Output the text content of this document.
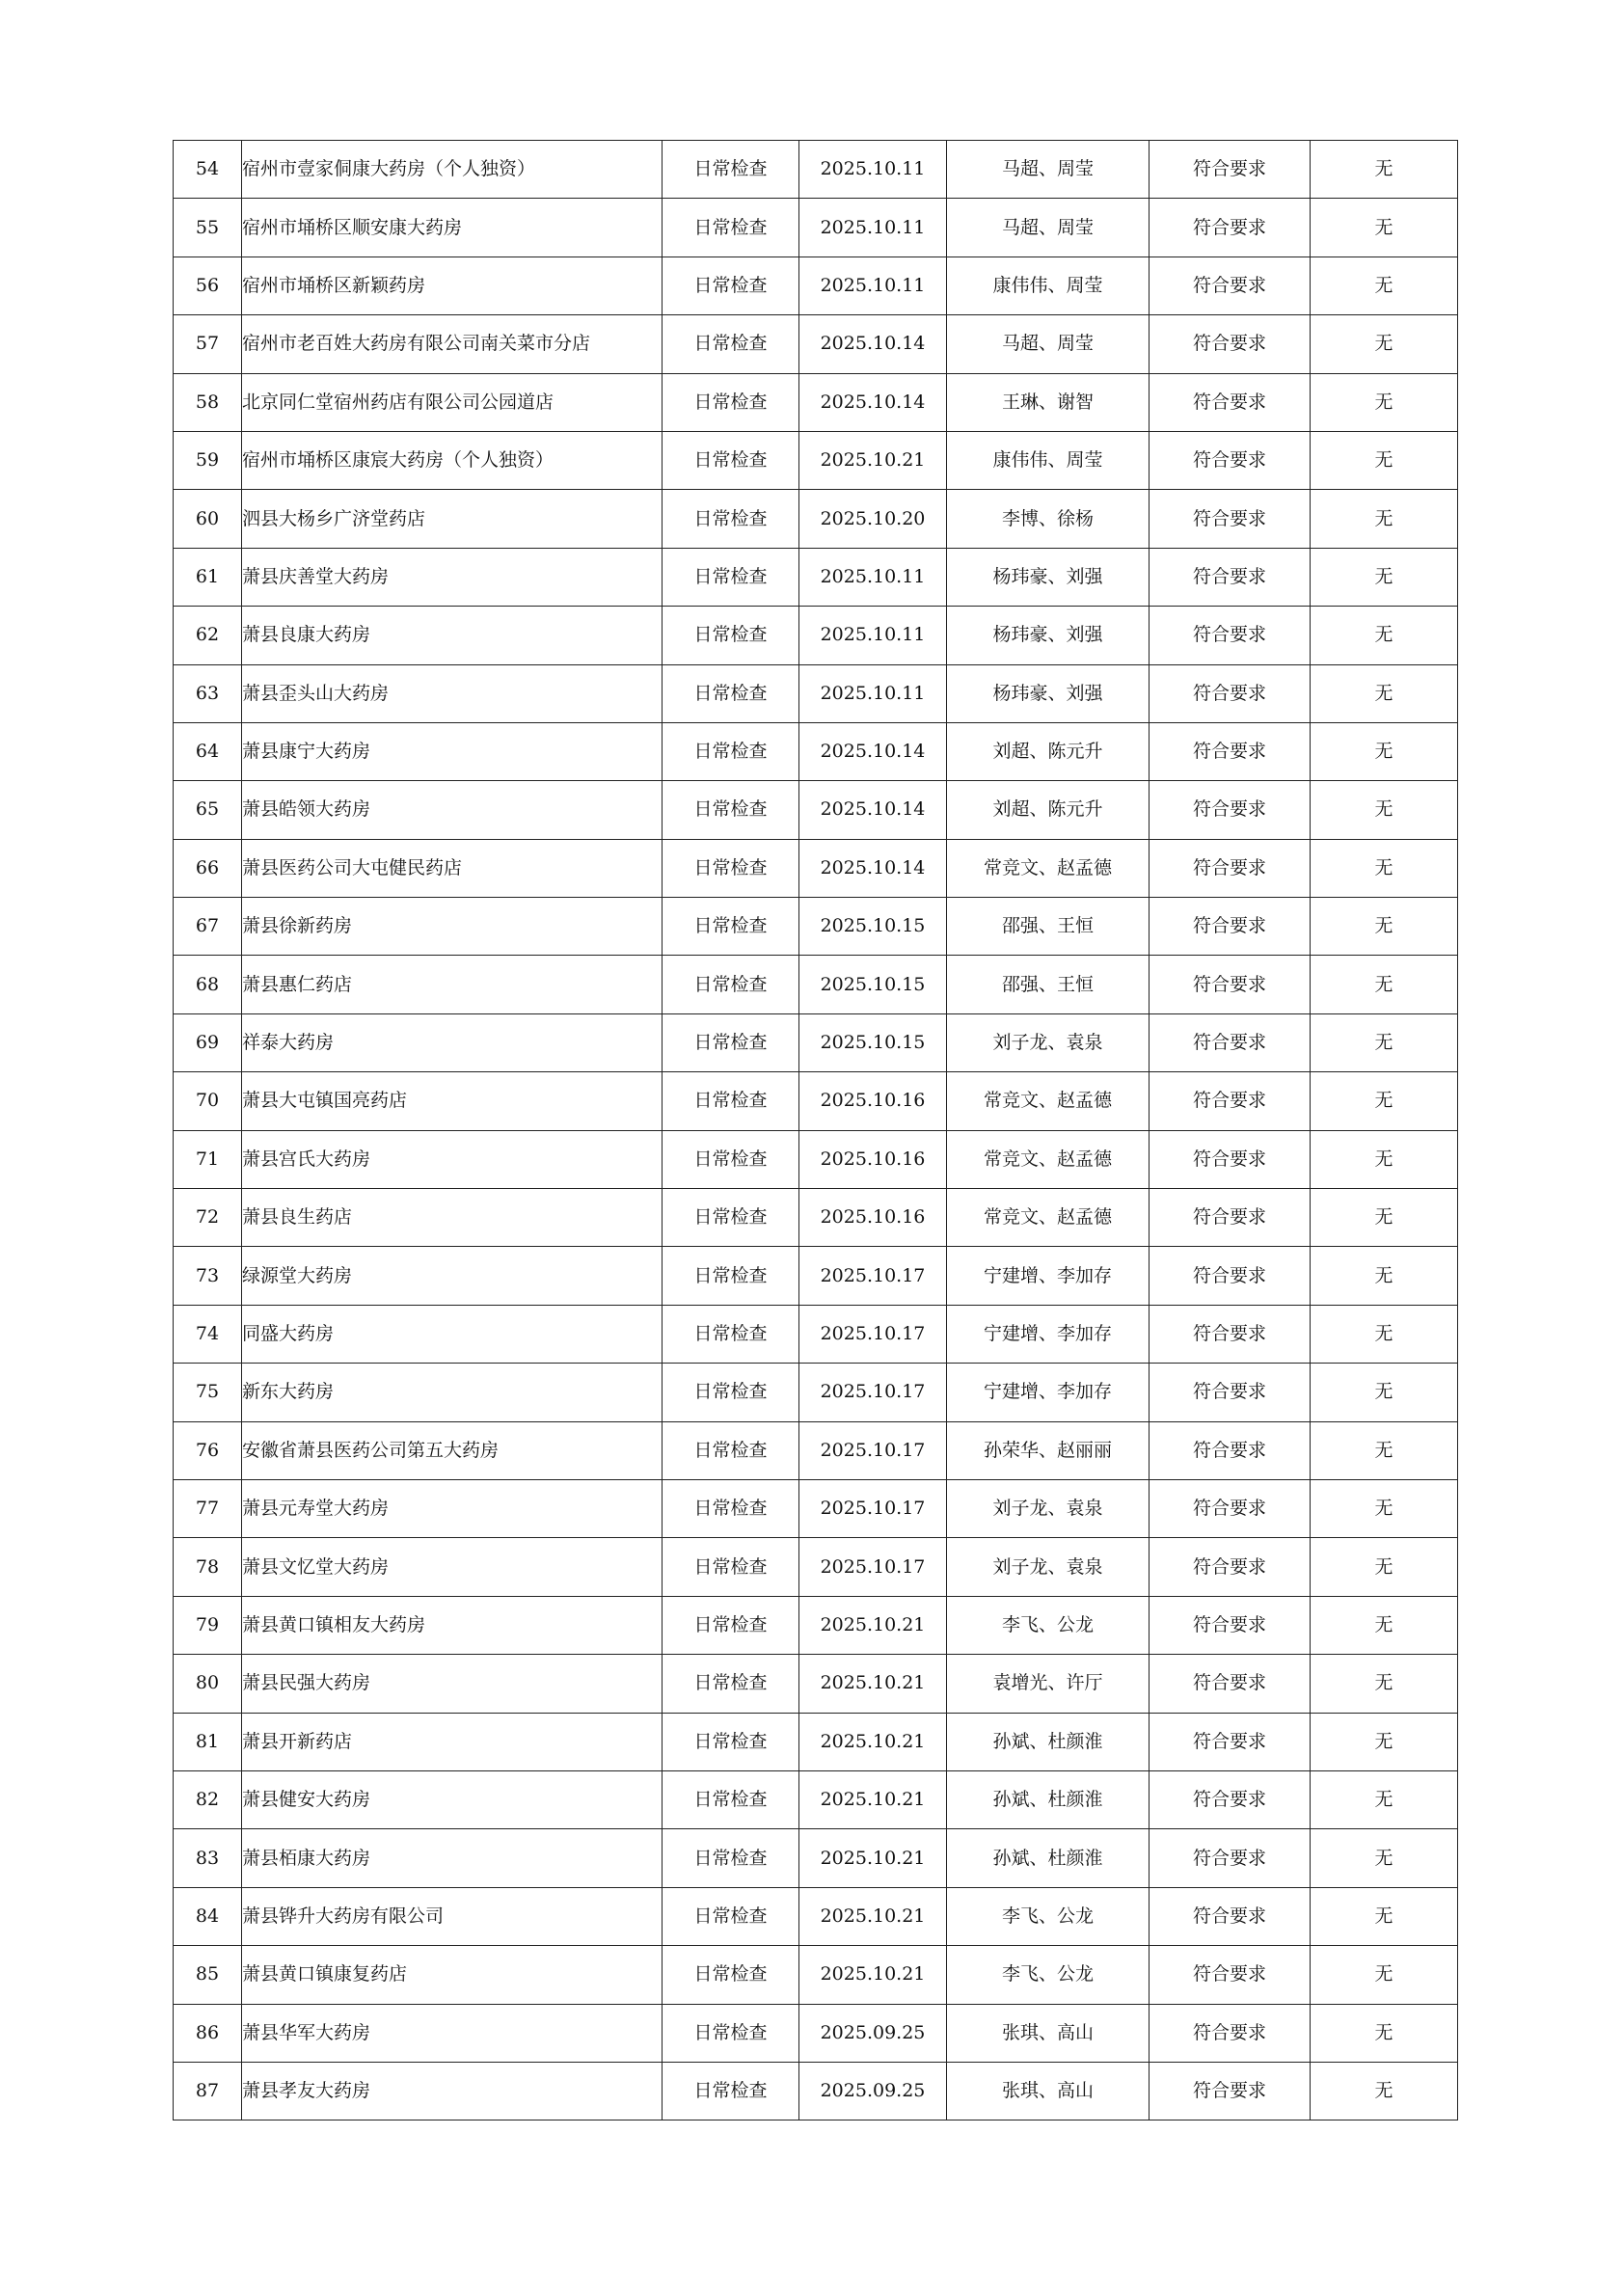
54	宿州市壹家侗康大药房（个人独资）	日常检查	2025.10.11	马超、周莹	符合要求	无
55	宿州市埇桥区顺安康大药房	日常检查	2025.10.11	马超、周莹	符合要求	无
56	宿州市埇桥区新颖药房	日常检查	2025.10.11	康伟伟、周莹	符合要求	无
57	宿州市老百姓大药房有限公司南关菜市分店	日常检查	2025.10.14	马超、周莹	符合要求	无
58	北京同仁堂宿州药店有限公司公园道店	日常检查	2025.10.14	王琳、谢智	符合要求	无
59	宿州市埇桥区康宸大药房（个人独资）	日常检查	2025.10.21	康伟伟、周莹	符合要求	无
60	泗县大杨乡广济堂药店	日常检查	2025.10.20	李博、徐杨	符合要求	无
61	萧县庆善堂大药房	日常检查	2025.10.11	杨玮豪、刘强	符合要求	无
62	萧县良康大药房	日常检查	2025.10.11	杨玮豪、刘强	符合要求	无
63	萧县歪头山大药房	日常检查	2025.10.11	杨玮豪、刘强	符合要求	无
64	萧县康宁大药房	日常检查	2025.10.14	刘超、陈元升	符合要求	无
65	萧县皓领大药房	日常检查	2025.10.14	刘超、陈元升	符合要求	无
66	萧县医药公司大屯健民药店	日常检查	2025.10.14	常竞文、赵孟德	符合要求	无
67	萧县徐新药房	日常检查	2025.10.15	邵强、王恒	符合要求	无
68	萧县惠仁药店	日常检查	2025.10.15	邵强、王恒	符合要求	无
69	祥泰大药房	日常检查	2025.10.15	刘子龙、袁泉	符合要求	无
70	萧县大屯镇国亮药店	日常检查	2025.10.16	常竞文、赵孟德	符合要求	无
71	萧县宫氏大药房	日常检查	2025.10.16	常竞文、赵孟德	符合要求	无
72	萧县良生药店	日常检查	2025.10.16	常竞文、赵孟德	符合要求	无
73	绿源堂大药房	日常检查	2025.10.17	宁建增、李加存	符合要求	无
74	同盛大药房	日常检查	2025.10.17	宁建增、李加存	符合要求	无
75	新东大药房	日常检查	2025.10.17	宁建增、李加存	符合要求	无
76	安徽省萧县医药公司第五大药房	日常检查	2025.10.17	孙荣华、赵丽丽	符合要求	无
77	萧县元寿堂大药房	日常检查	2025.10.17	刘子龙、袁泉	符合要求	无
78	萧县文忆堂大药房	日常检查	2025.10.17	刘子龙、袁泉	符合要求	无
79	萧县黄口镇相友大药房	日常检查	2025.10.21	李飞、公龙	符合要求	无
80	萧县民强大药房	日常检查	2025.10.21	袁增光、许厅	符合要求	无
81	萧县开新药店	日常检查	2025.10.21	孙斌、杜颜淮	符合要求	无
82	萧县健安大药房	日常检查	2025.10.21	孙斌、杜颜淮	符合要求	无
83	萧县栢康大药房	日常检查	2025.10.21	孙斌、杜颜淮	符合要求	无
84	萧县铧升大药房有限公司	日常检查	2025.10.21	李飞、公龙	符合要求	无
85	萧县黄口镇康复药店	日常检查	2025.10.21	李飞、公龙	符合要求	无
86	萧县华军大药房	日常检查	2025.09.25	张琪、高山	符合要求	无
87	萧县孝友大药房	日常检查	2025.09.25	张琪、高山	符合要求	无
